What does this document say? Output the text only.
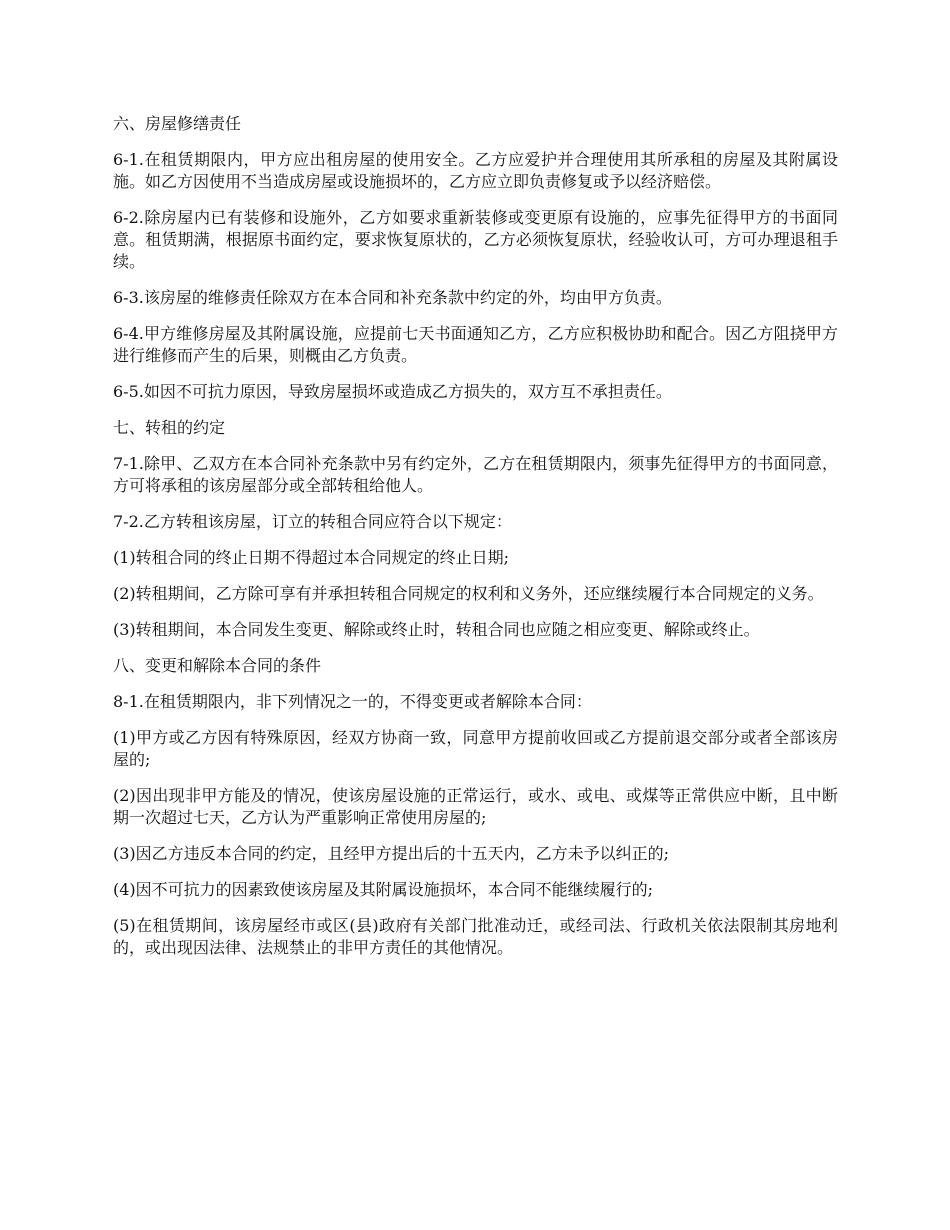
六、房屋修缮责任

6-1.在租赁期限内，甲方应出租房屋的使用安全。乙方应爱护并合理使用其所承租的房屋及其附属设施。如乙方因使用不当造成房屋或设施损坏的，乙方应立即负责修复或予以经济赔偿。

6-2.除房屋内已有装修和设施外，乙方如要求重新装修或变更原有设施的，应事先征得甲方的书面同意。租赁期满，根据原书面约定，要求恢复原状的，乙方必须恢复原状，经验收认可，方可办理退租手续。

6-3.该房屋的维修责任除双方在本合同和补充条款中约定的外，均由甲方负责。

6-4.甲方维修房屋及其附属设施，应提前七天书面通知乙方，乙方应积极协助和配合。因乙方阻挠甲方进行维修而产生的后果，则概由乙方负责。

6-5.如因不可抗力原因，导致房屋损坏或造成乙方损失的，双方互不承担责任。

七、转租的约定

7-1.除甲、乙双方在本合同补充条款中另有约定外，乙方在租赁期限内，须事先征得甲方的书面同意，方可将承租的该房屋部分或全部转租给他人。

7-2.乙方转租该房屋，订立的转租合同应符合以下规定：

(1)转租合同的终止日期不得超过本合同规定的终止日期;

(2)转租期间，乙方除可享有并承担转租合同规定的权利和义务外，还应继续履行本合同规定的义务。

(3)转租期间，本合同发生变更、解除或终止时，转租合同也应随之相应变更、解除或终止。

八、变更和解除本合同的条件

8-1.在租赁期限内，非下列情况之一的，不得变更或者解除本合同：

(1)甲方或乙方因有特殊原因，经双方协商一致，同意甲方提前收回或乙方提前退交部分或者全部该房屋的;

(2)因出现非甲方能及的情况，使该房屋设施的正常运行，或水、或电、或煤等正常供应中断，且中断期一次超过七天，乙方认为严重影响正常使用房屋的;

(3)因乙方违反本合同的约定，且经甲方提出后的十五天内，乙方未予以纠正的;

(4)因不可抗力的因素致使该房屋及其附属设施损坏，本合同不能继续履行的;

(5)在租赁期间，该房屋经市或区(县)政府有关部门批准动迁，或经司法、行政机关依法限制其房地利的，或出现因法律、法规禁止的非甲方责任的其他情况。
